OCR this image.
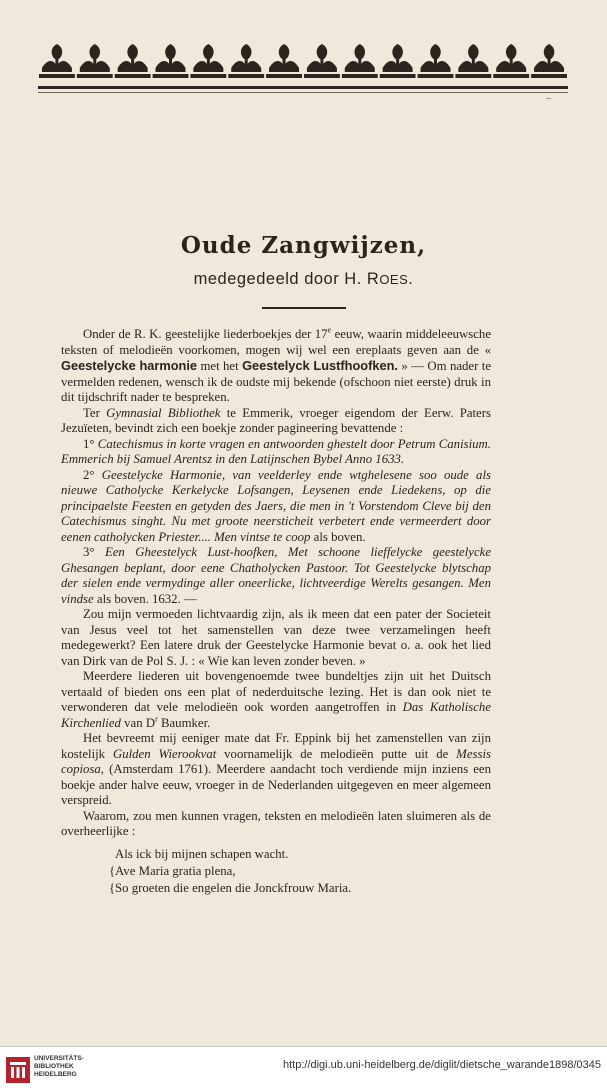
–
Oude Zangwijzen,
medegedeeld door H. ROES.

Onder de R. K. geestelijke liederboekjes der 17e eeuw, waarin middeleeuwsche teksten of melodieën voorkomen, mogen wij wel een ereplaats geven aan de « Geestelycke harmonie met het Geestelyck Lustfhoofken. » — Om nader te vermelden redenen, wensch ik de oudste mij bekende (ofschoon niet eerste) druk in dit tijdschrift nader te bespreken.

Ter Gymnasial Bibliothek te Emmerik, vroeger eigendom der Eerw. Paters Jezuïeten, bevindt zich een boekje zonder pagineering bevattende :

1° Catechismus in korte vragen en antwoorden ghestelt door Petrum Canisium. Emmerich bij Samuel Arentsz in den Latijnschen Bybel Anno 1633.

2° Geestelycke Harmonie, van veelderley ende wtghelesene soo oude als nieuwe Catholycke Kerkelycke Lofsangen, Leysenen ende Liedekens, op die principaelste Feesten en getyden des Jaers, die men in 't Vorstendom Cleve bij den Catechismus singht. Nu met groote neersticheit verbetert ende vermeerdert door eenen catholycken Priester.... Men vintse te coop als boven.

3° Een Gheestelyck Lust-hoofken, Met schoone lieffelycke geestelycke Ghesangen beplant, door eene Chatholycken Pastoor. Tot Geestelycke blytschap der sielen ende vermydinge aller oneerlicke, lichtveerdige Werelts gesangen. Men vindse als boven. 1632. —

Zou mijn vermoeden lichtvaardig zijn, als ik meen dat een pater der Societeit van Jesus veel tot het samenstellen van deze twee verzamelingen heeft medegewerkt? Een latere druk der Geestelycke Harmonie bevat o. a. ook het lied van Dirk van de Pol S. J. : « Wie kan leven zonder beven. »

Meerdere liederen uit bovengenoemde twee bundeltjes zijn uit het Duitsch vertaald of bieden ons een plat of nederduitsche lezing. Het is dan ook niet te verwonderen dat vele melodieën ook worden aangetroffen in Das Katholische Kirchenlied van $D^r$ Baumker.

Het bevreemt mij eeniger mate dat Fr. Eppink bij het zamenstellen van zijn kostelijk Gulden Wierookvat voornamelijk de melodieën putte uit de Messis copiosa, (Amsterdam 1761). Meerdere aandacht toch verdiende mijn inziens een boekje ander halve eeuw, vroeger in de Nederlanden uitgegeven en meer algemeen verspreid.

Waarom, zou men kunnen vragen, teksten en melodieën laten sluimeren als de overheerlijke :

Als ick bij mijnen schapen wacht.
{Ave Maria gratia plena,
{So groeten die engelen die Jonckfrouw Maria.
UNIVERSITÄTS-
BIBLIOTHEK
HEIDELBERG
http://digi.ub.uni-heidelberg.de/diglit/dietsche_warande1898/0345
